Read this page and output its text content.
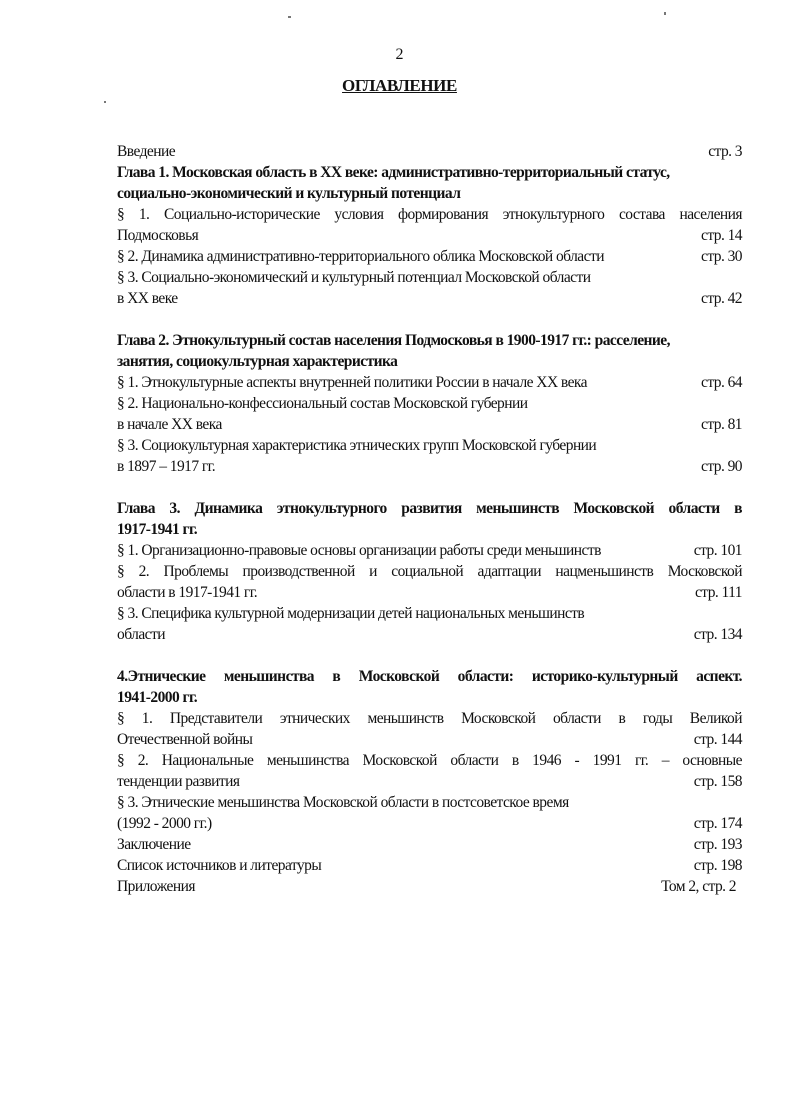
2
ОГЛАВЛЕНИЕ
Введение	стр. 3
Глава 1. Московская область в XX веке: административно-территориальный статус,
социально-экономический и культурный потенциал
§ 1. Социально-исторические условия формирования этнокультурного состава населения
Подмосковья	стр. 14
§ 2. Динамика административно-территориального облика Московской области	стр. 30
§ 3. Социально-экономический и культурный потенциал Московской области
в XX веке	стр. 42
Глава 2. Этнокультурный состав населения Подмосковья в 1900-1917 гг.: расселение,
занятия, социокультурная характеристика
§ 1. Этнокультурные аспекты внутренней политики России в начале XX века	стр. 64
§ 2. Национально-конфессиональный состав Московской губернии
в начале XX века	стр. 81
§ 3. Социокультурная характеристика этнических групп Московской губернии
в 1897 – 1917 гг.	стр. 90
Глава 3. Динамика этнокультурного развития меньшинств Московской области в
1917-1941 гг.
§ 1. Организационно-правовые основы организации работы среди меньшинств	стр. 101
§ 2. Проблемы производственной и социальной адаптации нацменьшинств Московской
области в 1917-1941 гг.	стр. 111
§ 3. Специфика культурной модернизации детей национальных меньшинств
области	стр. 134
4.Этнические меньшинства в Московской области: историко-культурный аспект.
1941-2000 гг.
§ 1. Представители этнических меньшинств Московской области в годы Великой
Отечественной войны	стр. 144
§ 2. Национальные меньшинства Московской области в 1946 - 1991 гг. – основные
тенденции развития	стр. 158
§ 3. Этнические меньшинства Московской области в постсоветское время
(1992 - 2000 гг.)	стр. 174
Заключение	стр. 193
Список источников и литературы	стр. 198
Приложения	Том 2, стр. 2
